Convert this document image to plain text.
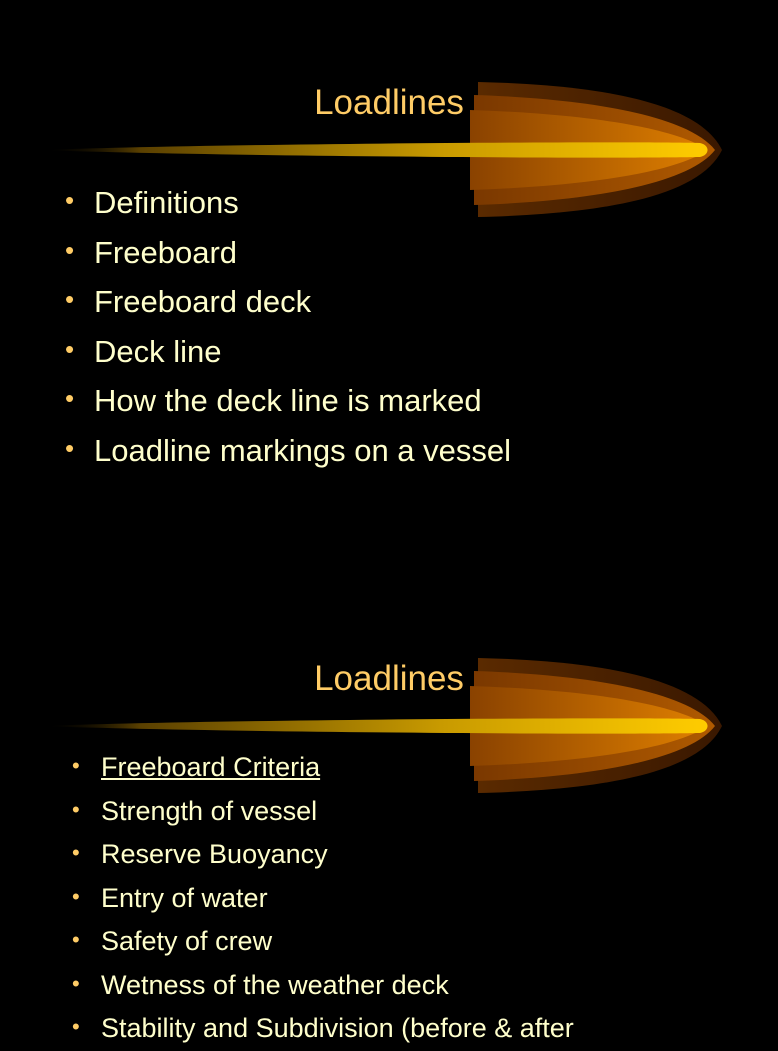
Loadlines
• Definitions
• Freeboard
• Freeboard deck
• Deck line
• How the deck line is marked
• Loadline markings on a vessel
Loadlines
• Freeboard Criteria
• Strength of vessel
• Reserve Buoyancy
• Entry of water
• Safety of crew
• Wetness of the weather deck
• Stability and Subdivision (before & after
